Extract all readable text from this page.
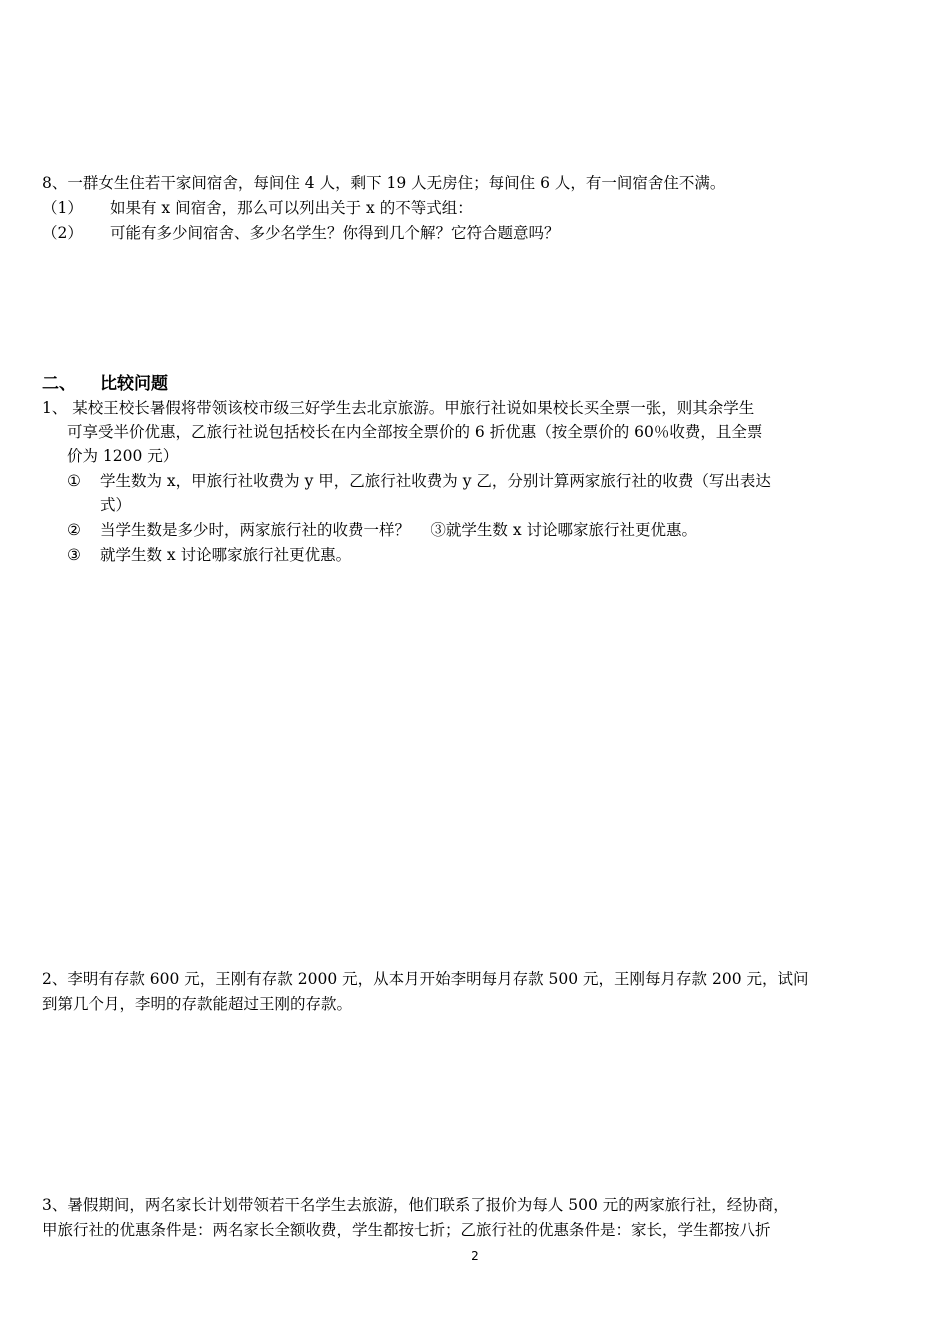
8、一群女生住若干家间宿舍，每间住 4 人，剩下 19 人无房住；每间住 6 人，有一间宿舍住不满。
（1） 如果有 x 间宿舍，那么可以列出关于 x 的不等式组：
（2） 可能有多少间宿舍、多少名学生？你得到几个解？它符合题意吗？
二、 比较问题
1、 某校王校长暑假将带领该校市级三好学生去北京旅游。甲旅行社说如果校长买全票一张，则其余学生
可享受半价优惠，乙旅行社说包括校长在内全部按全票价的 6 折优惠（按全票价的 60％收费，且全票
价为 1200 元）
① 学生数为 x，甲旅行社收费为 y 甲，乙旅行社收费为 y 乙，分别计算两家旅行社的收费（写出表达
式）
② 当学生数是多少时，两家旅行社的收费一样？　 ③就学生数 x 讨论哪家旅行社更优惠。
③ 就学生数 x 讨论哪家旅行社更优惠。
2、李明有存款 600 元，王刚有存款 2000 元，从本月开始李明每月存款 500 元，王刚每月存款 200 元，试问
到第几个月，李明的存款能超过王刚的存款。
3、暑假期间，两名家长计划带领若干名学生去旅游，他们联系了报价为每人 500 元的两家旅行社，经协商，
甲旅行社的优惠条件是：两名家长全额收费，学生都按七折；乙旅行社的优惠条件是：家长，学生都按八折
2
